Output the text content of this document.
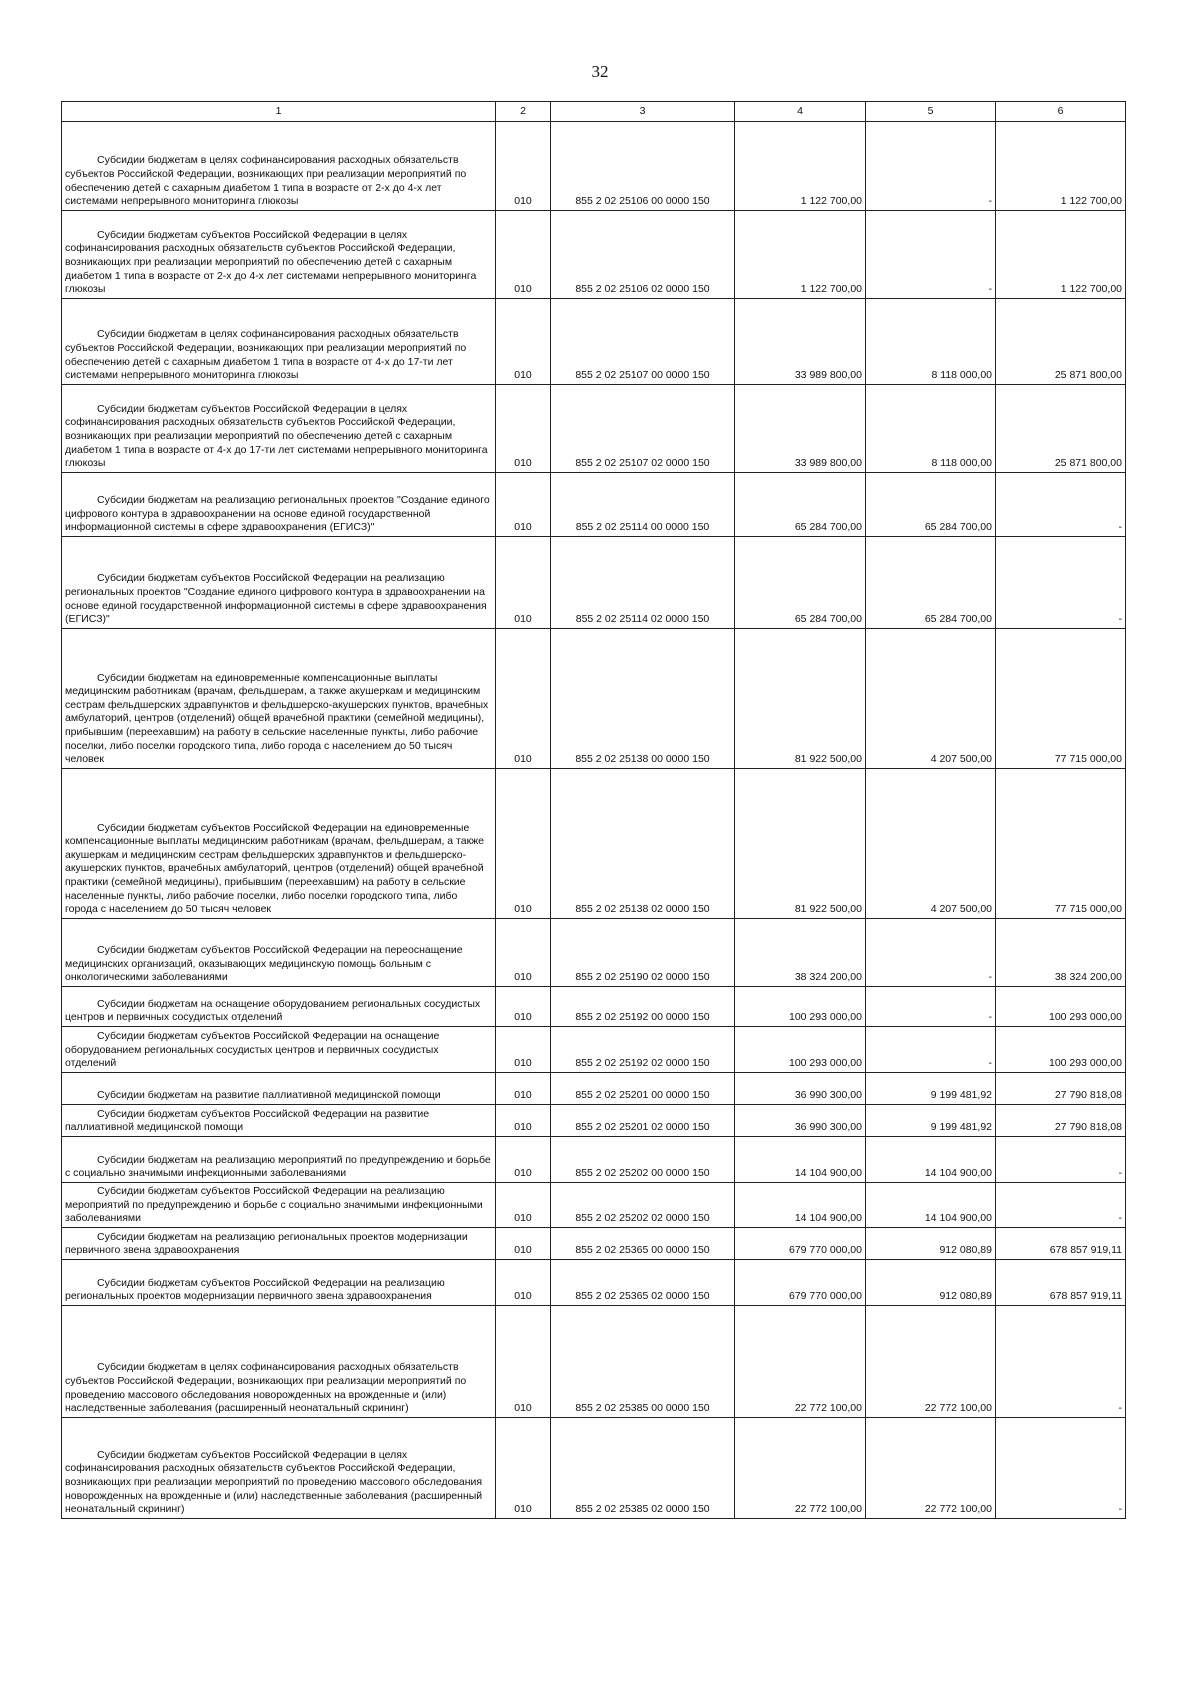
32
1	2	3	4	5	6

Субсидии бюджетам в целях софинансирования расходных обязательств субъектов Российской Федерации, возникающих при реализации мероприятий по обеспечению детей с сахарным диабетом 1 типа в возрасте от 2-х до 4-х лет системами непрерывного мониторинга глюкозы	010	855 2 02 25106 00 0000 150	1 122 700,00	-	1 122 700,00

Субсидии бюджетам субъектов Российской Федерации в целях софинансирования расходных обязательств субъектов Российской Федерации, возникающих при реализации мероприятий по обеспечению детей с сахарным диабетом 1 типа в возрасте от 2-х до 4-х лет системами непрерывного мониторинга глюкозы	010	855 2 02 25106 02 0000 150	1 122 700,00	-	1 122 700,00

Субсидии бюджетам в целях софинансирования расходных обязательств субъектов Российской Федерации, возникающих при реализации мероприятий по обеспечению детей с сахарным диабетом 1 типа в возрасте от 4-х до 17-ти лет системами непрерывного мониторинга глюкозы	010	855 2 02 25107 00 0000 150	33 989 800,00	8 118 000,00	25 871 800,00

Субсидии бюджетам субъектов Российской Федерации в целях софинансирования расходных обязательств субъектов Российской Федерации, возникающих при реализации мероприятий по обеспечению детей с сахарным диабетом 1 типа в возрасте от 4-х до 17-ти лет системами непрерывного мониторинга глюкозы	010	855 2 02 25107 02 0000 150	33 989 800,00	8 118 000,00	25 871 800,00

Субсидии бюджетам на реализацию региональных проектов "Создание единого цифрового контура в здравоохранении на основе единой государственной информационной системы в сфере здравоохранения (ЕГИСЗ)"	010	855 2 02 25114 00 0000 150	65 284 700,00	65 284 700,00	-

Субсидии бюджетам субъектов Российской Федерации на реализацию региональных проектов "Создание единого цифрового контура в здравоохранении на основе единой государственной информационной системы в сфере здравоохранения (ЕГИСЗ)"	010	855 2 02 25114 02 0000 150	65 284 700,00	65 284 700,00	-

Субсидии бюджетам на единовременные компенсационные выплаты медицинским работникам (врачам, фельдшерам, а также акушеркам и медицинским сестрам фельдшерских здравпунктов и фельдшерско-акушерских пунктов, врачебных амбулаторий, центров (отделений) общей врачебной практики (семейной медицины), прибывшим (переехавшим) на работу в сельские населенные пункты, либо рабочие поселки, либо поселки городского типа, либо города с населением до 50 тысяч человек	010	855 2 02 25138 00 0000 150	81 922 500,00	4 207 500,00	77 715 000,00

Субсидии бюджетам субъектов Российской Федерации на единовременные компенсационные выплаты медицинским работникам (врачам, фельдшерам, а также акушеркам и медицинским сестрам фельдшерских здравпунктов и фельдшерско-акушерских пунктов, врачебных амбулаторий, центров (отделений) общей врачебной практики (семейной медицины), прибывшим (переехавшим) на работу в сельские населенные пункты, либо рабочие поселки, либо поселки городского типа, либо города с населением до 50 тысяч человек	010	855 2 02 25138 02 0000 150	81 922 500,00	4 207 500,00	77 715 000,00

Субсидии бюджетам субъектов Российской Федерации на переоснащение медицинских организаций, оказывающих медицинскую помощь больным с онкологическими заболеваниями	010	855 2 02 25190 02 0000 150	38 324 200,00	-	38 324 200,00

Субсидии бюджетам на оснащение оборудованием региональных сосудистых центров и первичных сосудистых отделений	010	855 2 02 25192 00 0000 150	100 293 000,00	-	100 293 000,00

Субсидии бюджетам субъектов Российской Федерации на оснащение оборудованием региональных сосудистых центров и первичных сосудистых отделений	010	855 2 02 25192 02 0000 150	100 293 000,00	-	100 293 000,00

Субсидии бюджетам на развитие паллиативной медицинской помощи	010	855 2 02 25201 00 0000 150	36 990 300,00	9 199 481,92	27 790 818,08

Субсидии бюджетам субъектов Российской Федерации на развитие паллиативной медицинской помощи	010	855 2 02 25201 02 0000 150	36 990 300,00	9 199 481,92	27 790 818,08

Субсидии бюджетам на реализацию мероприятий по предупреждению и борьбе с социально значимыми инфекционными заболеваниями	010	855 2 02 25202 00 0000 150	14 104 900,00	14 104 900,00	-

Субсидии бюджетам субъектов Российской Федерации на реализацию мероприятий по предупреждению и борьбе с социально значимыми инфекционными заболеваниями	010	855 2 02 25202 02 0000 150	14 104 900,00	14 104 900,00	-

Субсидии бюджетам на реализацию региональных проектов модернизации первичного звена здравоохранения	010	855 2 02 25365 00 0000 150	679 770 000,00	912 080,89	678 857 919,11

Субсидии бюджетам субъектов Российской Федерации на реализацию региональных проектов модернизации первичного звена здравоохранения	010	855 2 02 25365 02 0000 150	679 770 000,00	912 080,89	678 857 919,11

Субсидии бюджетам в целях софинансирования расходных обязательств субъектов Российской Федерации, возникающих при реализации мероприятий по проведению массового обследования новорожденных на врожденные и (или) наследственные заболевания (расширенный неонатальный скрининг)	010	855 2 02 25385 00 0000 150	22 772 100,00	22 772 100,00	-

Субсидии бюджетам субъектов Российской Федерации в целях софинансирования расходных обязательств субъектов Российской Федерации, возникающих при реализации мероприятий по проведению массового обследования новорожденных на врожденные и (или) наследственные заболевания (расширенный неонатальный скрининг)	010	855 2 02 25385 02 0000 150	22 772 100,00	22 772 100,00	-
